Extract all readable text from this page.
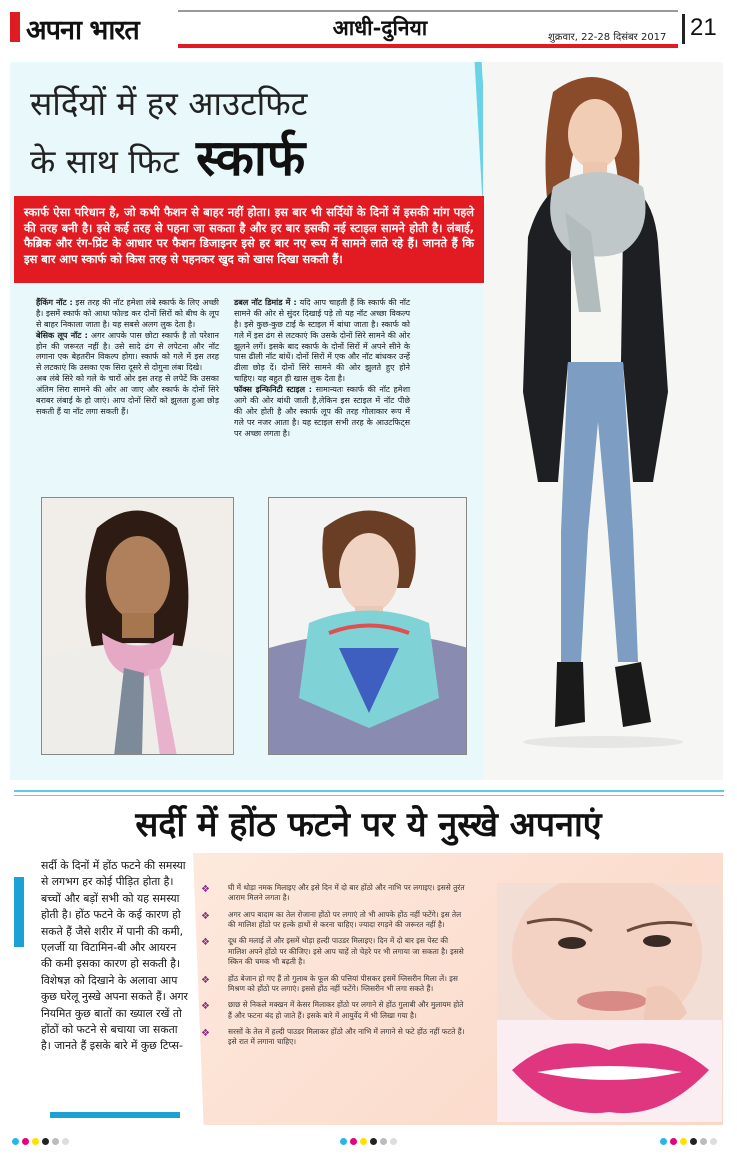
अपना भारत	आधी-दुनिया	शुक्रवार, 22-28 दिसंबर 2017 21
सर्दियों में हर आउटफिट
के साथ फिट स्कार्फ
स्कार्फ ऐसा परिधान है, जो कभी फैशन से बाहर नहीं होता। इस बार भी सर्दियों के दिनों में इसकी मांग पहले की तरह बनी है। इसे कई तरह से पहना जा सकता है और हर बार इसकी नई स्टाइल सामने होती है। लंबाई, फैब्रिक और रंग-प्रिंट के आधार पर फैशन डिजाइनर इसे हर बार नए रूप में सामने लाते रहे हैं। जानते हैं कि इस बार आप स्कार्फ को किस तरह से पहनकर खुद को खास दिखा सकती हैं।

हैंकिंग नॉट : इस तरह की नॉट हमेशा लंबे स्कार्फ के लिए अच्छी है। इसमें स्कार्फ को आधा फोल्ड कर दोनों सिरों को बीच के लूप से बाहर निकाला जाता है। यह सबसे अलग लुक देता है।

बेसिक लूप नॉट : अगर आपके पास छोटा स्कार्फ है तो परेशान होन की जरूरत नहीं है। उसे सादे ढंग से लपेटना और नॉट लगाना एक बेहतरीन विकल्प होगा। स्कार्फ को गले में इस तरह से लटकाएं कि उसका एक सिरा दूसरे से दोगुना लंबा दिखे।

अब लंबे सिरे को गले के चारों ओर इस तरह से लपेटें कि उसका अंतिम सिरा सामने की ओर आ जाए और स्कार्फ के दोनों सिरे बराबर लंबाई के हो जाएं। आप दोनों सिरों को झुलता हुआ छोड़ सकती हैं या नॉट लगा सकती हैं।

डबल नॉट डिमांड में : यदि आप चाहती हैं कि स्कार्फ की नॉट सामने की ओर से सुंदर दिखाई पड़े तो यह नॉट अच्छा विकल्प है। इसे कुछ-कुछ टाई के स्टाइल में बांधा जाता है। स्कार्फ को गले में इस ढंग से लटकाएं कि उसके दोनों सिरे सामने की ओर झूलने लगें। इसके बाद स्कार्फ के दोनों सिरों में अपने सीने के पास ढीली नॉट बांधें। दोनों सिरों में एक और नॉट बांधकर उन्हें ढीला छोड़ दें। दोनों सिरे सामने की ओर झुलते हुए होने चाहिए। यह बहुत ही खास लुक देता है।

फॉक्स इन्फिनिटी स्टाइल : सामान्यतः स्कार्फ की नॉट हमेशा आगे की ओर बांधी जाती है,लेकिन इस स्टाइल में नॉट पीछे की ओर होती है और स्कार्फ लूप की तरह गोलाकार रूप में गले पर नजर आता है। यह स्टाइल सभी तरह के आउटफिट्स पर अच्छा लगता है।

सर्दी में होंठ फटने पर ये नुस्खे अपनाएं
सर्दी के दिनों में होंठ फटने की समस्या से लगभग हर कोई पीड़ित होता है। बच्चों और बड़ों सभी को यह समस्या होती है। होंठ फटने के कई कारण हो सकते हैं जैसे शरीर में पानी की कमी, एलर्जी या विटामिन-बी और आयरन की कमी इसका कारण हो सकती है। विशेषज्ञ को दिखाने के अलावा आप कुछ घरेलू नुस्खे अपना सकते हैं। अगर नियमित कुछ बातों का ख्याल रखें तो होंठों को फटने से बचाया जा सकता है। जानते हैं इसके बारे में कुछ टिप्स-
❖ घी में थोड़ा नमक मिलाइए और इसे दिन में दो बार होंठो और नाभि पर लगाइए। इससे तुरंत आराम मिलने लगता है।
❖ अगर आप बादाम का तेल रोजाना होंठो पर लगाएं तो भी आपके होंठ नहीं फटेंगे। इस तेल की मालिश होंठो पर हल्के हाथों से करना चाहिए। ज्यादा रगड़ने की जरूरत नहीं है।
❖ दूध की मलाई लें और इसमें थोड़ा हल्दी पाउडर मिलाइए। दिन में दो बार इस पेस्ट की मालिश अपने होंठो पर कीजिए। इसे आप चाहें तो चेहरे पर भी लगाया जा सकता है। इससे स्किन की चमक भी बढ़ती है।
❖ होंठ बेजान हो गए हैं तो गुलाब के फूल की पत्तियां पीसकर इसमें ग्लिसरीन मिला लें। इस मिश्रण को होंठो पर लगाएं। इससे होंठ नहीं फटेंगे। ग्लिसरीन भी लगा सकते हैं।
❖ छाछ से निकले मक्खन में केसर मिलाकर होंठो पर लगाने से होंठ गुलाबी और मुलायम होते हैं और फटना बंद हो जाते हैं। इसके बारे में आयुर्वेद में भी लिखा गया है।
❖ सरसों के तेल में हल्दी पाउडर मिलाकर होंठो और नाभि में लगाने से फटे होंठ नहीं फटते हैं। इसे रात में लगाना चाहिए।
